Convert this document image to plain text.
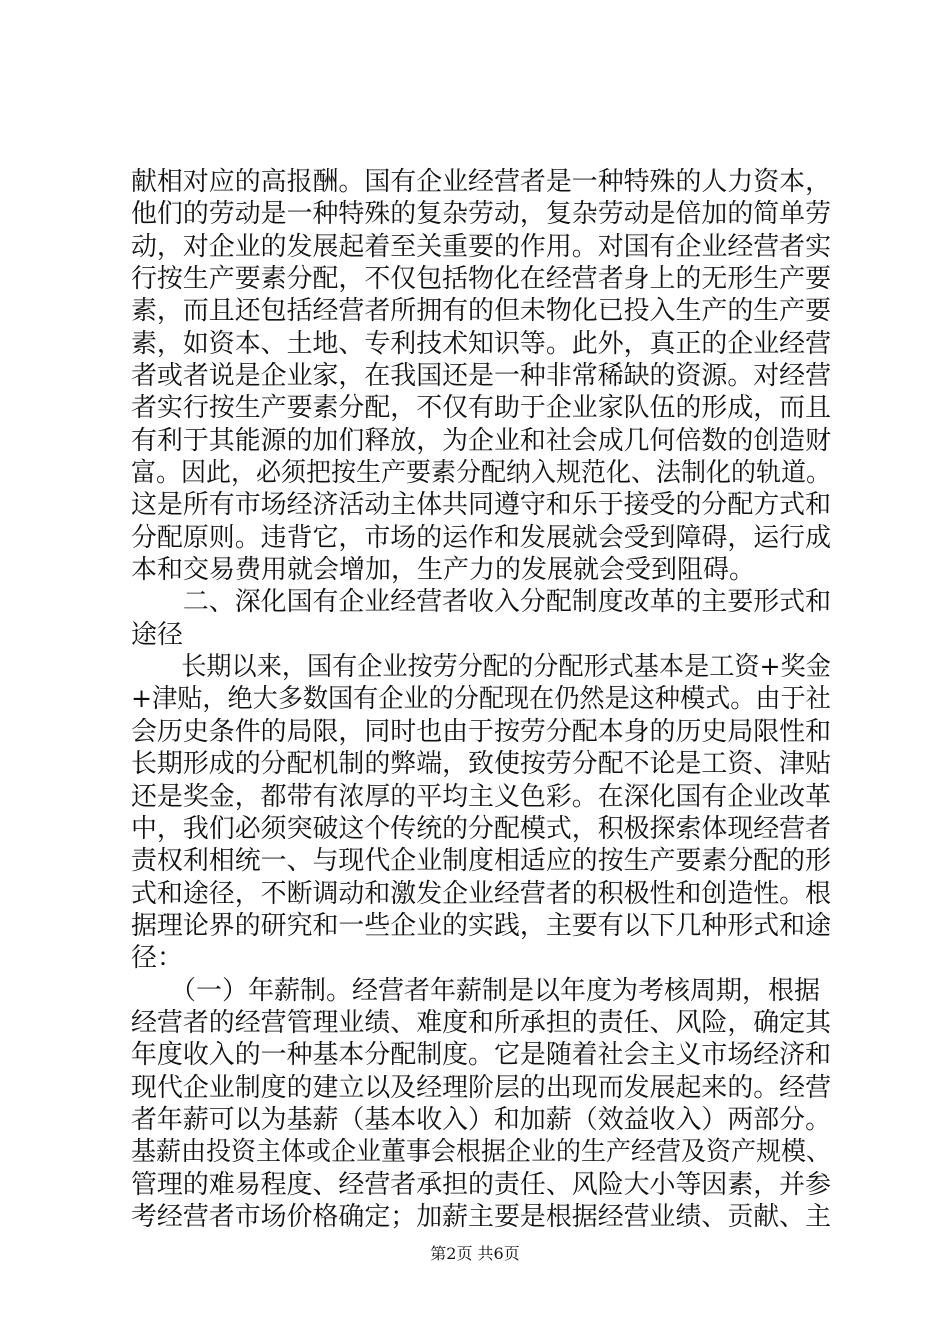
献相对应的高报酬。国有企业经营者是一种特殊的人力资本，
他们的劳动是一种特殊的复杂劳动，复杂劳动是倍加的简单劳
动，对企业的发展起着至关重要的作用。对国有企业经营者实
行按生产要素分配，不仅包括物化在经营者身上的无形生产要
素，而且还包括经营者所拥有的但未物化已投入生产的生产要
素，如资本、土地、专利技术知识等。此外，真正的企业经营
者或者说是企业家，在我国还是一种非常稀缺的资源。对经营
者实行按生产要素分配，不仅有助于企业家队伍的形成，而且
有利于其能源的加们释放，为企业和社会成几何倍数的创造财
富。因此，必须把按生产要素分配纳入规范化、法制化的轨道。
这是所有市场经济活动主体共同遵守和乐于接受的分配方式和
分配原则。违背它，市场的运作和发展就会受到障碍，运行成
本和交易费用就会增加，生产力的发展就会受到阻碍。
　　二、深化国有企业经营者收入分配制度改革的主要形式和
途径
　　长期以来，国有企业按劳分配的分配形式基本是工资+奖金
+津贴，绝大多数国有企业的分配现在仍然是这种模式。由于社
会历史条件的局限，同时也由于按劳分配本身的历史局限性和
长期形成的分配机制的弊端，致使按劳分配不论是工资、津贴
还是奖金，都带有浓厚的平均主义色彩。在深化国有企业改革
中，我们必须突破这个传统的分配模式，积极探索体现经营者
责权利相统一、与现代企业制度相适应的按生产要素分配的形
式和途径，不断调动和激发企业经营者的积极性和创造性。根
据理论界的研究和一些企业的实践，主要有以下几种形式和途
径：
　　（一）年薪制。经营者年薪制是以年度为考核周期，根据
经营者的经营管理业绩、难度和所承担的责任、风险，确定其
年度收入的一种基本分配制度。它是随着社会主义市场经济和
现代企业制度的建立以及经理阶层的出现而发展起来的。经营
者年薪可以为基薪（基本收入）和加薪（效益收入）两部分。
基薪由投资主体或企业董事会根据企业的生产经营及资产规模、
管理的难易程度、经营者承担的责任、风险大小等因素，并参
考经营者市场价格确定；加薪主要是根据经营业绩、贡献、主
第2页 共6页
